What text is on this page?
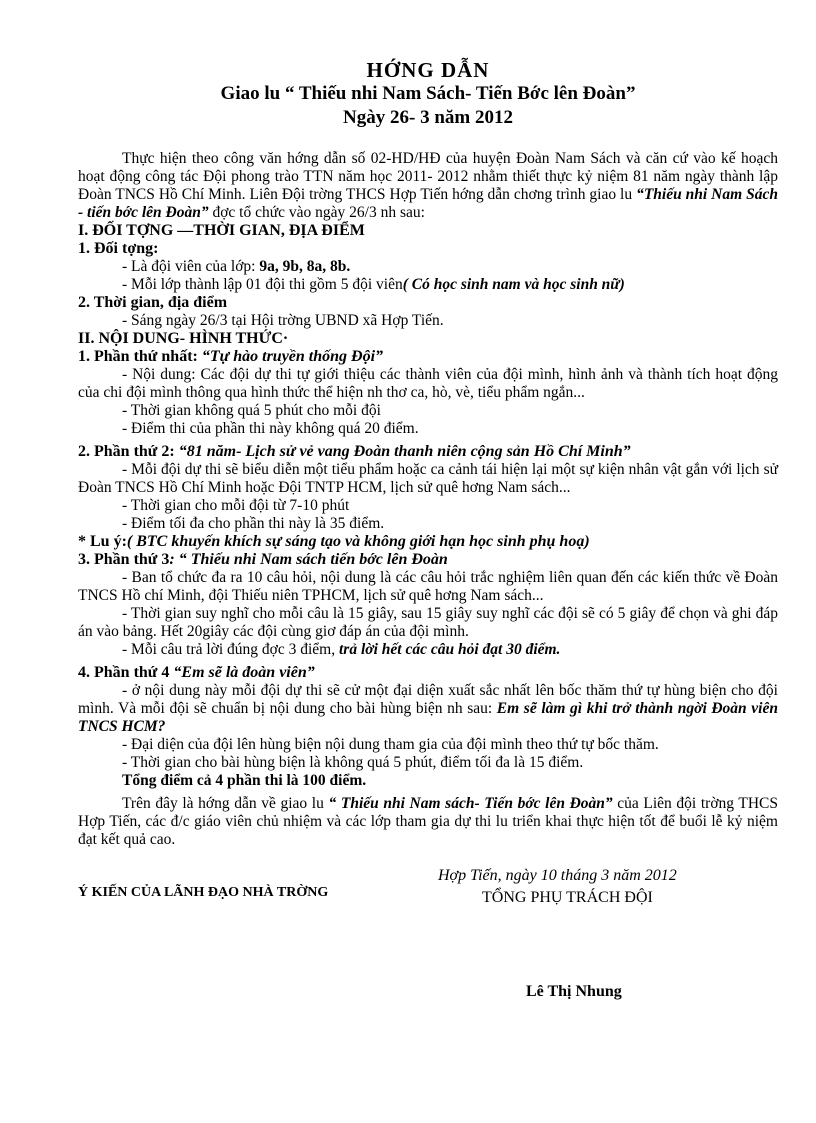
HỚNG DẪN

Giao lu “ Thiếu nhi Nam Sách- Tiến Bớc lên Đoàn”

Ngày 26- 3 năm 2012

Thực hiện theo công văn hớng dẫn số 02-HD/HĐ của huyện Đoàn Nam Sách và căn cứ vào kế hoạch hoạt động công tác Đội phong trào TTN năm học 2011- 2012 nhằm thiết thực kỷ niệm 81 năm ngày thành lập Đoàn TNCS Hồ Chí Minh. Liên Đội trờng THCS Hợp Tiến hớng dẫn chơng trình giao lu “Thiếu nhi Nam Sách - tiến bớc lên Đoàn” đợc tổ chức vào ngày 26/3 nh sau:

I. ĐỐI TỢNG —THỜI GIAN, ĐỊA ĐIỂM

1. Đối tợng:

- Là đội viên của lớp: 9a, 9b, 8a, 8b.

- Mỗi lớp thành lập 01 đội thi gồm 5 đội viên( Có học sinh nam và học sinh nữ)

2. Thời gian, địa điểm

- Sáng ngày 26/3 tại Hội trờng UBND xã Hợp Tiến.

II. NỘI DUNG- HÌNH THỨC·

1. Phần thứ nhất: “Tự hào truyền thống Đội”

- Nội dung: Các đội dự thi tự giới thiệu các thành viên của đội mình, hình ảnh và thành tích hoạt động của chi đội mình thông qua hình thức thể hiện nh thơ ca, hò, vè, tiểu phẩm ngắn...

- Thời gian không quá 5 phút cho mỗi đội

- Điểm thi của phần thi này không quá 20 điểm.

2. Phần thứ 2: “81 năm- Lịch sử vẻ vang Đoàn thanh niên cộng sản Hồ Chí Minh”

- Mỗi đội dự thi sẽ biểu diễn một tiểu phẩm hoặc ca cảnh tái hiện lại một sự kiện nhân vật gắn với lịch sử Đoàn TNCS Hồ Chí Minh hoặc Đội TNTP HCM, lịch sử quê hơng Nam sách...

- Thời gian cho mỗi đội từ 7-10 phút

- Điểm tối đa cho phần thi này là 35 điểm.

* Lu ý:( BTC khuyến khích sự sáng tạo và không giới hạn học sinh phụ hoạ)

3. Phần thứ 3: “ Thiếu nhi Nam sách tiến bớc lên Đoàn

- Ban tổ chức đa ra 10 câu hỏi, nội dung là các câu hỏi trắc nghiệm liên quan đến các kiến thức về Đoàn TNCS Hồ chí Minh, đội Thiếu niên TPHCM, lịch sử quê hơng Nam sách...

- Thời gian suy nghĩ cho mỗi câu là 15 giây, sau 15 giây suy nghĩ các đội sẽ có 5 giây để chọn và ghi đáp án vào bảng. Hết 20giây các đội cùng giơ đáp án của đội mình.

- Mỗi câu trả lời đúng đợc 3 điểm, trả lời hết các câu hỏi đạt 30 điểm.

4. Phần thứ 4 “Em sẽ là đoàn viên”

- ở nội dung này mỗi đội dự thi sẽ cử một đại diện xuất sắc nhất lên bốc thăm thứ tự hùng biện cho đội mình. Và mỗi đội sẽ chuẩn bị nội dung cho bài hùng biện nh sau: Em sẽ làm gì khi trở thành ngời Đoàn viên TNCS HCM?

- Đại diện của đội lên hùng biện nội dung tham gia của đội mình theo thứ tự bốc thăm.

- Thời gian cho bài hùng biện là không quá 5 phút, điểm tối đa là 15 điểm.

Tổng điểm cả 4 phần thi là 100 điểm.

Trên đây là hớng dẫn về giao lu “ Thiếu nhi Nam sách- Tiến bớc lên Đoàn” của Liên đội trờng THCS Hợp Tiến, các đ/c giáo viên chủ nhiệm và các lớp tham gia dự thi lu triển khai thực hiện tốt để buổi lễ kỷ niệm đạt kết quả cao.

Ý KIẾN CỦA LÃNH ĐẠO NHÀ TRỜNG
Hợp Tiến, ngày 10 tháng 3 năm 2012
TỔNG PHỤ TRÁCH ĐỘI
Lê Thị Nhung
